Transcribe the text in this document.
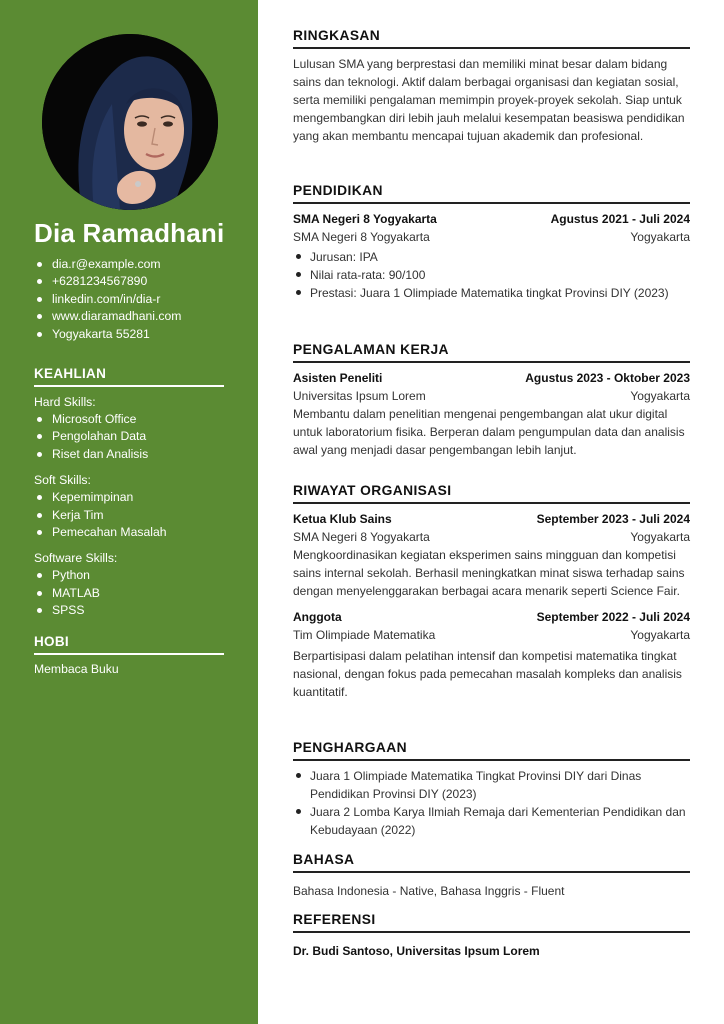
Dia Ramadhani
dia.r@example.com
+6281234567890
linkedin.com/in/dia-r
www.diaramadhani.com
Yogyakarta 55281
KEAHLIAN
Hard Skills:
Microsoft Office
Pengolahan Data
Riset dan Analisis
Soft Skills:
Kepemimpinan
Kerja Tim
Pemecahan Masalah
Software Skills:
Python
MATLAB
SPSS
HOBI
Membaca Buku
RINGKASAN

Lulusan SMA yang berprestasi dan memiliki minat besar dalam bidang sains dan teknologi. Aktif dalam berbagai organisasi dan kegiatan sosial, serta memiliki pengalaman memimpin proyek-proyek sekolah. Siap untuk mengembangkan diri lebih jauh melalui kesempatan beasiswa pendidikan yang akan membantu mencapai tujuan akademik dan profesional.

PENDIDIKAN
SMA Negeri 8 Yogyakarta	Agustus 2021 - Juli 2024
SMA Negeri 8 Yogyakarta	Yogyakarta
Jurusan: IPA
Nilai rata-rata: 90/100
Prestasi: Juara 1 Olimpiade Matematika tingkat Provinsi DIY (2023)
PENGALAMAN KERJA
Asisten Peneliti	Agustus 2023 - Oktober 2023
Universitas Ipsum Lorem	Yogyakarta

Membantu dalam penelitian mengenai pengembangan alat ukur digital untuk laboratorium fisika. Berperan dalam pengumpulan data dan analisis awal yang menjadi dasar pengembangan lebih lanjut.

RIWAYAT ORGANISASI
Ketua Klub Sains	September 2023 - Juli 2024
SMA Negeri 8 Yogyakarta	Yogyakarta

Mengkoordinasikan kegiatan eksperimen sains mingguan dan kompetisi sains internal sekolah. Berhasil meningkatkan minat siswa terhadap sains dengan menyelenggarakan berbagai acara menarik seperti Science Fair.

Anggota	September 2022 - Juli 2024
Tim Olimpiade Matematika	Yogyakarta

Berpartisipasi dalam pelatihan intensif dan kompetisi matematika tingkat nasional, dengan fokus pada pemecahan masalah kompleks dan analisis kuantitatif.

PENGHARGAAN
Juara 1 Olimpiade Matematika Tingkat Provinsi DIY dari Dinas Pendidikan Provinsi DIY (2023)
Juara 2 Lomba Karya Ilmiah Remaja dari Kementerian Pendidikan dan Kebudayaan (2022)
BAHASA

Bahasa Indonesia - Native, Bahasa Inggris - Fluent

REFERENSI

Dr. Budi Santoso, Universitas Ipsum Lorem
